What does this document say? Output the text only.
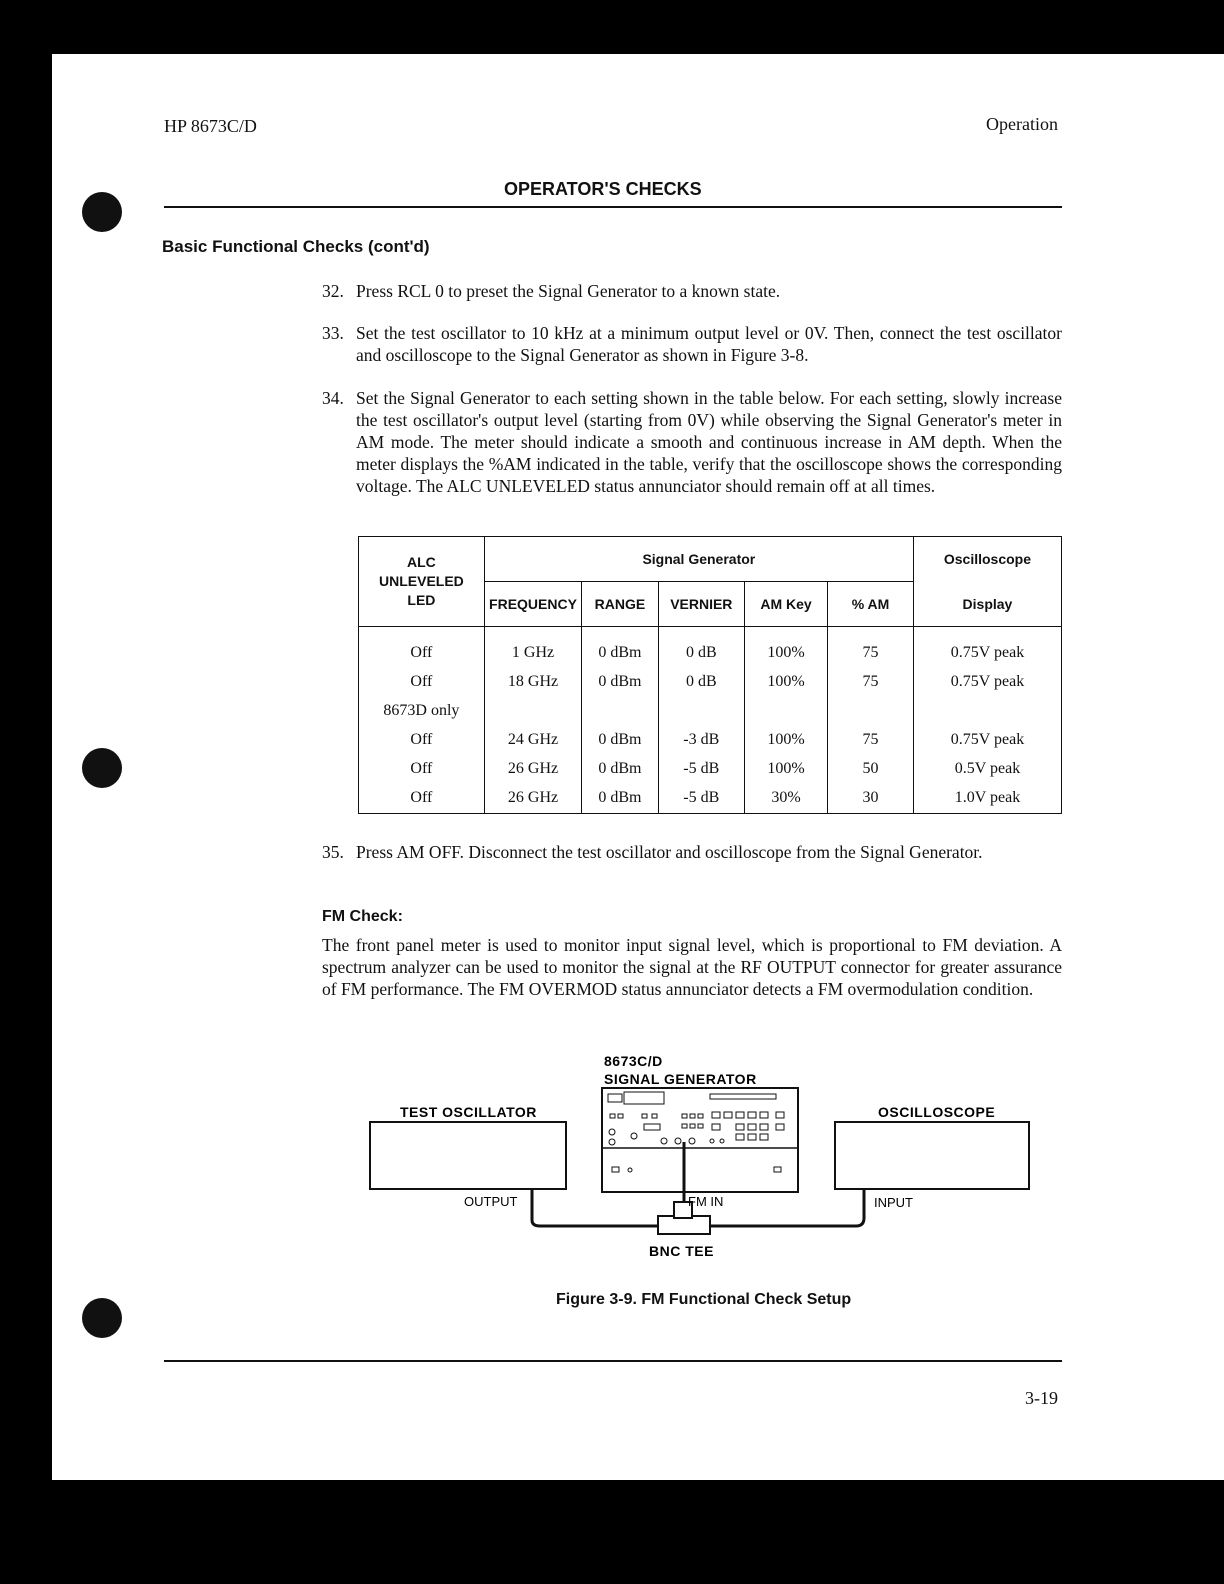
HP 8673C/D	Operation
OPERATOR'S CHECKS
Basic Functional Checks (cont'd)
32. Press RCL 0 to preset the Signal Generator to a known state.
33. Set the test oscillator to 10 kHz at a minimum output level or 0V. Then, connect the test oscillator and oscilloscope to the Signal Generator as shown in Figure 3-8.
34. Set the Signal Generator to each setting shown in the table below. For each setting, slowly increase the test oscillator's output level (starting from 0V) while observing the Signal Generator's meter in AM mode. The meter should indicate a smooth and continuous increase in AM depth. When the meter displays the %AM indicated in the table, verify that the oscilloscope shows the corresponding voltage. The ALC UNLEVELED status annunciator should remain off at all times.
ALC UNLEVELED LED	Signal Generator					Oscilloscope
	FREQUENCY	RANGE	VERNIER	AM Key	% AM	Display
Off	1 GHz	0 dBm	0 dB	100%	75	0.75V peak
Off	18 GHz	0 dBm	0 dB	100%	75	0.75V peak
8673D only						
Off	24 GHz	0 dBm	-3 dB	100%	75	0.75V peak
Off	26 GHz	0 dBm	-5 dB	100%	50	0.5V peak
Off	26 GHz	0 dBm	-5 dB	30%	30	1.0V peak
35. Press AM OFF. Disconnect the test oscillator and oscilloscope from the Signal Generator.
FM Check:
The front panel meter is used to monitor input signal level, which is proportional to FM deviation. A spectrum analyzer can be used to monitor the signal at the RF OUTPUT connector for greater assurance of FM performance. The FM OVERMOD status annunciator detects a FM overmodulation condition.
8673C/D
SIGNAL GENERATOR
TEST OSCILLATOR	OSCILLOSCOPE
OUTPUT	FM IN	INPUT
BNC TEE
Figure 3-9. FM Functional Check Setup
3-19
